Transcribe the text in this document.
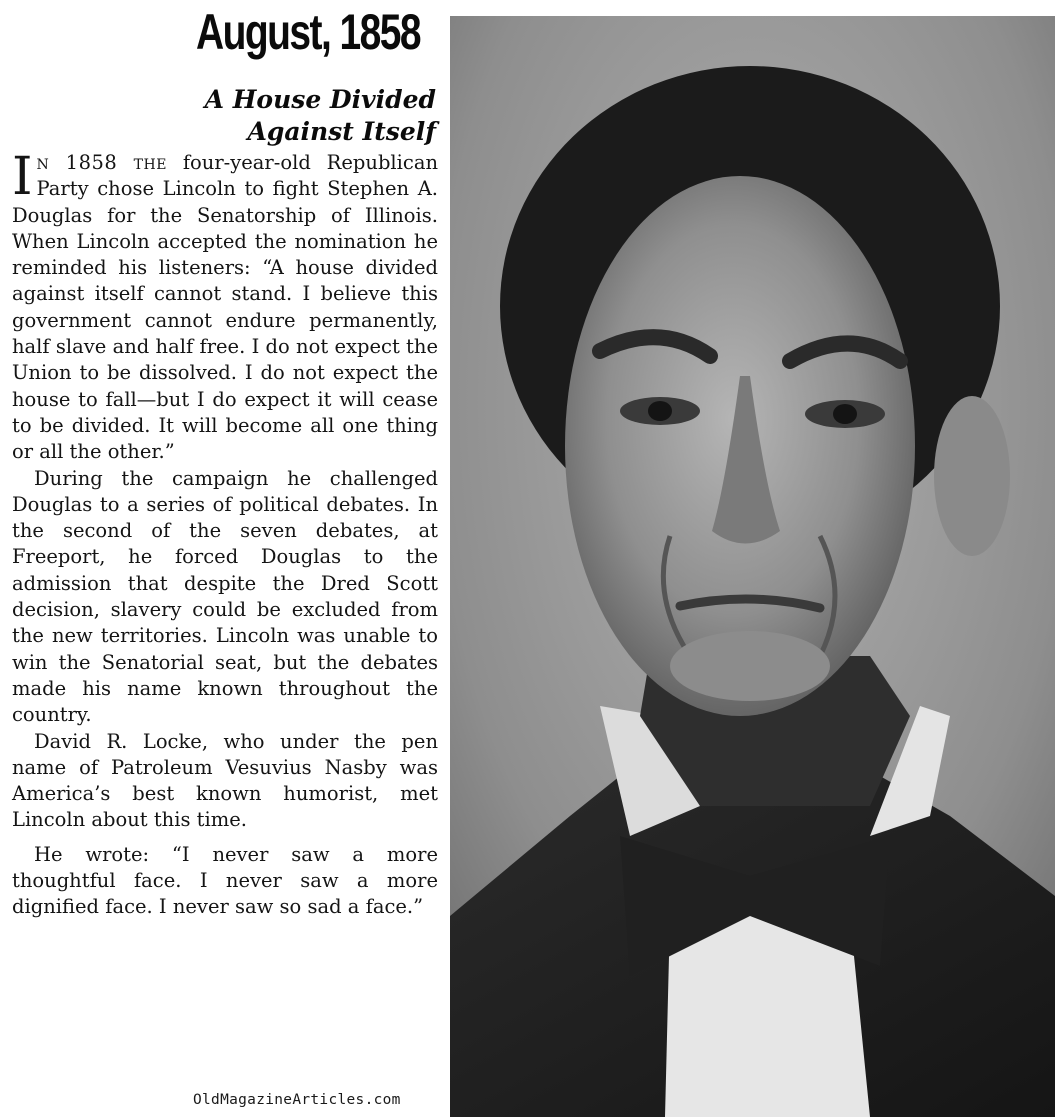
August, 1858
A House Divided
Against Itself

In 1858 the four-year-old Republican Party chose Lincoln to fight Stephen A. Douglas for the Senatorship of Illinois. When Lincoln accepted the nomination he reminded his listeners: “A house divided against itself cannot stand. I believe this government cannot endure permanently, half slave and half free. I do not expect the Union to be dissolved. I do not expect the house to fall—but I do expect it will cease to be divided. It will become all one thing or all the other.”

During the campaign he challenged Douglas to a series of political debates. In the second of the seven debates, at Freeport, he forced Douglas to the admission that despite the Dred Scott decision, slavery could be excluded from the new territories. Lincoln was unable to win the Senatorial seat, but the debates made his name known throughout the country.

David R. Locke, who under the pen name of Patroleum Vesuvius Nasby was America’s best known humorist, met Lincoln about this time.

He wrote: “I never saw a more thoughtful face. I never saw a more dignified face. I never saw so sad a face.”

OldMagazineArticles.com
